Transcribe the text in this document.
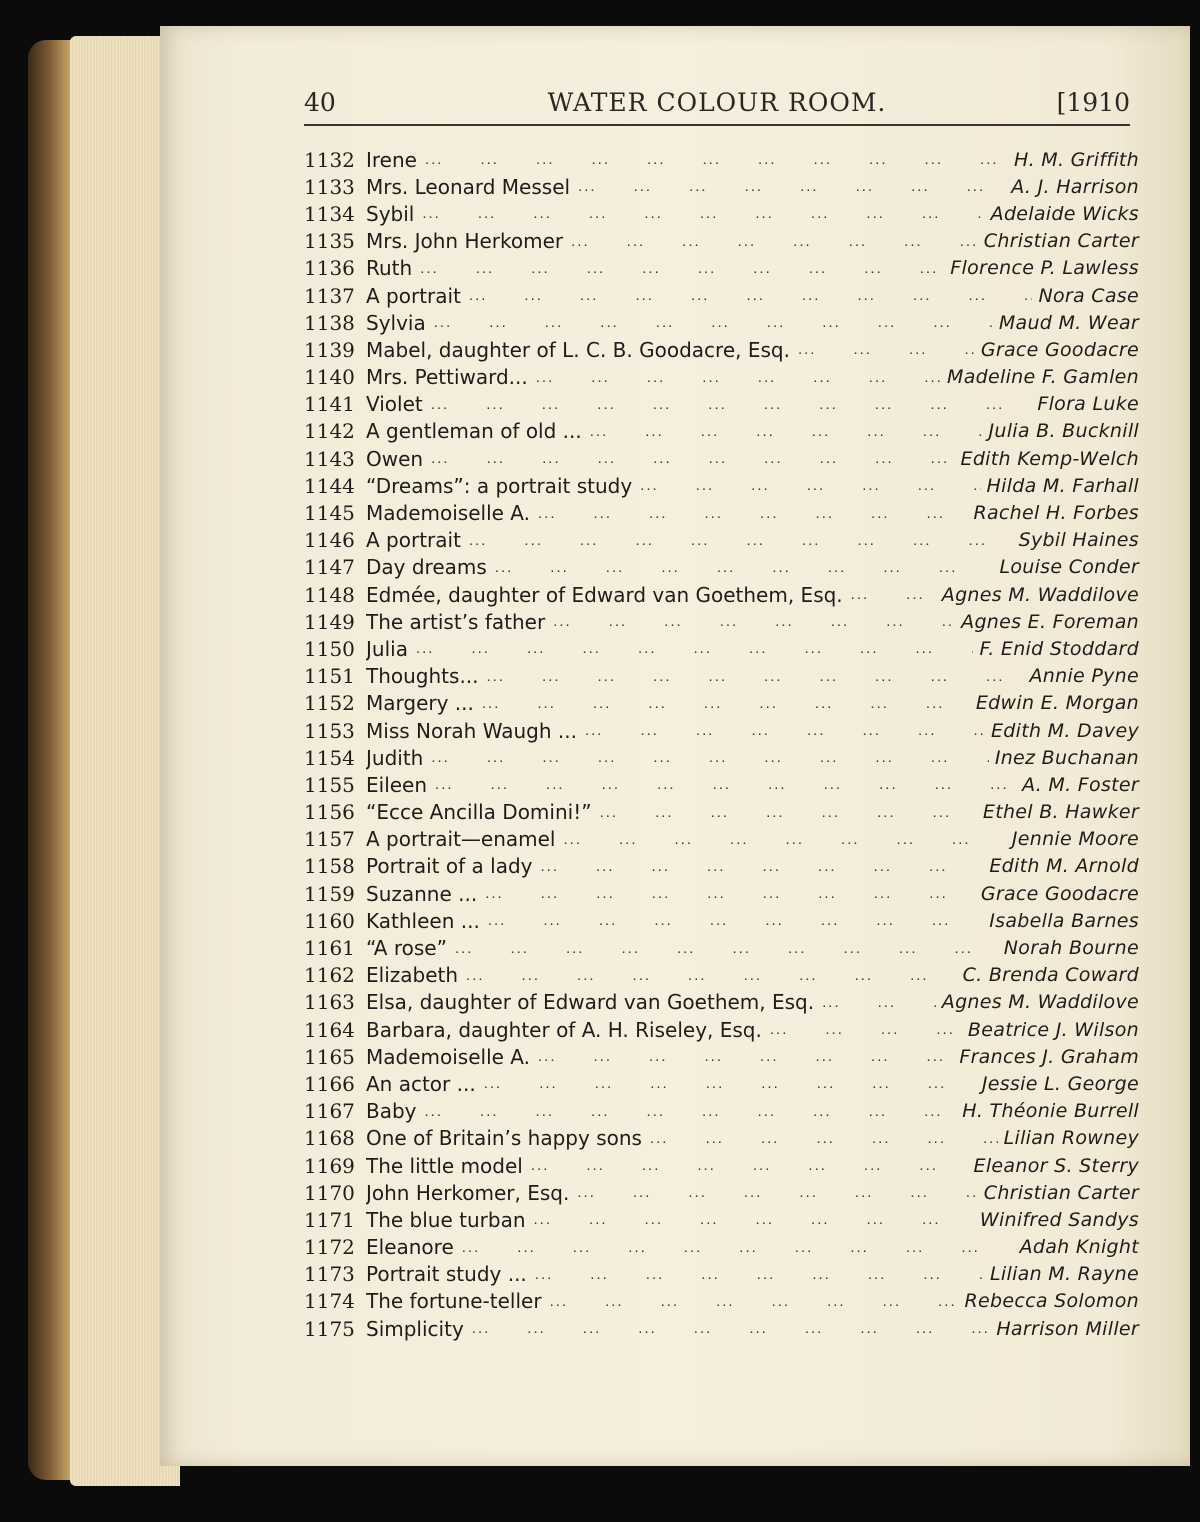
40	WATER COLOUR ROOM.	[1910
1132 Irene ...	H. M. Griffith
1133 Mrs. Leonard Messel ...	A. J. Harrison
1134 Sybil ...	Adelaide Wicks
1135 Mrs. John Herkomer ...	Christian Carter
1136 Ruth ...	Florence P. Lawless
1137 A portrait ...	Nora Case
1138 Sylvia ...	Maud M. Wear
1139 Mabel, daughter of L. C. B. Goodacre, Esq. ...	Grace Goodacre
1140 Mrs. Pettiward... ...	Madeline F. Gamlen
1141 Violet ...	Flora Luke
1142 A gentleman of old ... ...	Julia B. Bucknill
1143 Owen ...	Edith Kemp-Welch
1144 “Dreams”: a portrait study ...	Hilda M. Farhall
1145 Mademoiselle A. ...	Rachel H. Forbes
1146 A portrait ...	Sybil Haines
1147 Day dreams ...	Louise Conder
1148 Edmée, daughter of Edward van Goethem, Esq. ...	Agnes M. Waddilove
1149 The artist’s father ...	Agnes E. Foreman
1150 Julia ...	F. Enid Stoddard
1151 Thoughts... ...	Annie Pyne
1152 Margery ... ...	Edwin E. Morgan
1153 Miss Norah Waugh ... ...	Edith M. Davey
1154 Judith ...	Inez Buchanan
1155 Eileen ...	A. M. Foster
1156 “Ecce Ancilla Domini!” ...	Ethel B. Hawker
1157 A portrait—enamel ...	Jennie Moore
1158 Portrait of a lady ...	Edith M. Arnold
1159 Suzanne ... ...	Grace Goodacre
1160 Kathleen ... ...	Isabella Barnes
1161 “A rose” ...	Norah Bourne
1162 Elizabeth ...	C. Brenda Coward
1163 Elsa, daughter of Edward van Goethem, Esq. ...	Agnes M. Waddilove
1164 Barbara, daughter of A. H. Riseley, Esq. ...	Beatrice J. Wilson
1165 Mademoiselle A. ...	Frances J. Graham
1166 An actor ... ...	Jessie L. George
1167 Baby ...	H. Théonie Burrell
1168 One of Britain’s happy sons ...	Lilian Rowney
1169 The little model ...	Eleanor S. Sterry
1170 John Herkomer, Esq. ...	Christian Carter
1171 The blue turban ...	Winifred Sandys
1172 Eleanore ...	Adah Knight
1173 Portrait study ... ...	Lilian M. Rayne
1174 The fortune-teller ...	Rebecca Solomon
1175 Simplicity ...	Harrison Miller
